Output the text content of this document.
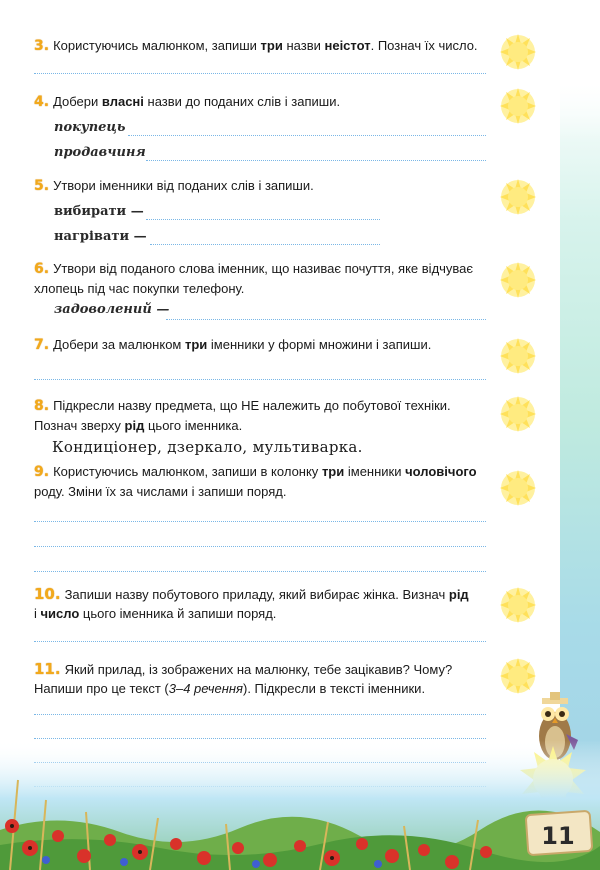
3. Користуючись малюнком, запиши три назви неістот. Познач їх число.
4. Добери власні назви до поданих слів і запиши.
покупець
продавчиня
5. Утвори іменники від поданих слів і запиши.
вибирати —
нагрівати —
6. Утвори від поданого слова іменник, що називає почуття, яке відчуває
хлопець під час покупки телефону.
задоволений —
7. Добери за малюнком три іменники у формі множини і запиши.
8. Підкресли назву предмета, що НЕ належить до побутової техніки.
Познач зверху рід цього іменника.
Кондиціонер, дзеркало, мультиварка.
9. Користуючись малюнком, запиши в колонку три іменники чоловічого
роду. Зміни їх за числами і запиши поряд.
10. Запиши назву побутового приладу, який вибирає жінка. Визнач рід
і число цього іменника й запиши поряд.
11. Який прилад, із зображених на малюнку, тебе зацікавив? Чому?
Напиши про це текст (3–4 речення). Підкресли в тексті іменники.
11
